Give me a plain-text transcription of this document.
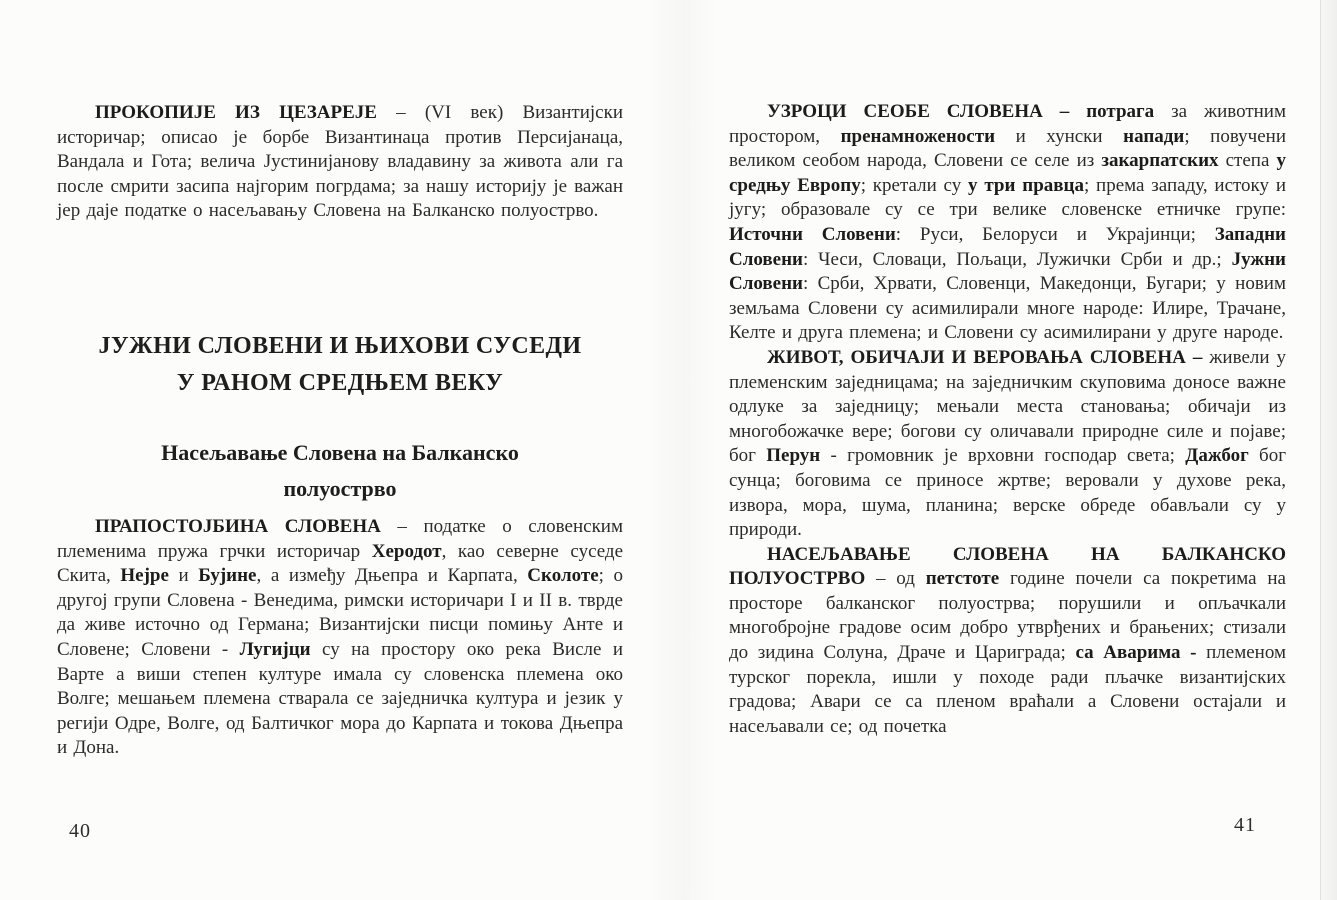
ПРОКОПИЈЕ ИЗ ЦЕЗАРЕЈЕ – (VI век) Византијски историчар; описао је борбе Византинаца против Персијанаца, Вандала и Гота; велича Јустинијанову владавину за живота али га после смрити засипа најгорим погрдама; за нашу историју је важан јер даје податке о насељавању Словена на Балканско полуострво.

ЈУЖНИ СЛОВЕНИ И ЊИХОВИ СУСЕДИ
У РАНОМ СРЕДЊЕМ ВЕКУ
Насељавање Словена на Балканско
полуострво

ПРАПОСТОЈБИНА СЛОВЕНА – податке о словенским племенима пружа грчки историчар Херодот, као северне суседе Скита, Нејре и Бујине, а између Дњепра и Карпата, Сколоте; о другој групи Словена - Венедима, римски историчари I и II в. тврде да живе источно од Германа; Византијски писци помињу Анте и Словене; Словени - Лугијци су на простору око река Висле и Варте а виши степен културе имала су словенска племена око Волге; мешањем племена стварала се заједничка култура и језик у регији Одре, Волге, од Балтичког мора до Карпата и токова Дњепра и Дона.

40

УЗРОЦИ СЕОБЕ СЛОВЕНА – потрага за животним простором, пренамножености и хунски напади; повучени великом сеобом народа, Словени се селе из закарпатских степа у средњу Европу; кретали су у три правца; према западу, истоку и југу; образовале су се три велике словенске етничке групе: Источни Словени: Руси, Белоруси и Украјинци; Западни Словени: Чеси, Словаци, Пољаци, Лужички Срби и др.; Јужни Словени: Срби, Хрвати, Словенци, Македонци, Бугари; у новим земљама Словени су асимилирали многе народе: Илире, Трачане, Келте и друга племена; и Словени су асимилирани у друге народе.

ЖИВОТ, ОБИЧАЈИ И ВЕРОВАЊА СЛОВЕНА – живели у племенским заједницама; на заједничким скуповима доносе важне одлуке за заједницу; мењали места становања; обичаји из многобожачке вере; богови су оличавали природне силе и појаве; бог Перун - громовник је врховни господар света; Дажбог бог сунца; боговима се приносе жртве; веровали у духове река, извора, мора, шума, планина; верске обреде обављали су у природи.

НАСЕЉАВАЊЕ СЛОВЕНА НА БАЛКАНСКО ПОЛУОСТРВО – од петстоте године почели са покретима на просторе балканског полуострва; порушили и опљачкали многобројне градове осим добро утврђених и брањених; стизали до зидина Солуна, Драче и Цариграда; са Аварима - племеном турског порекла, ишли у походе ради пљачке византијских градова; Авари се са пленом враћали а Словени остајали и насељавали се; од почетка

41
